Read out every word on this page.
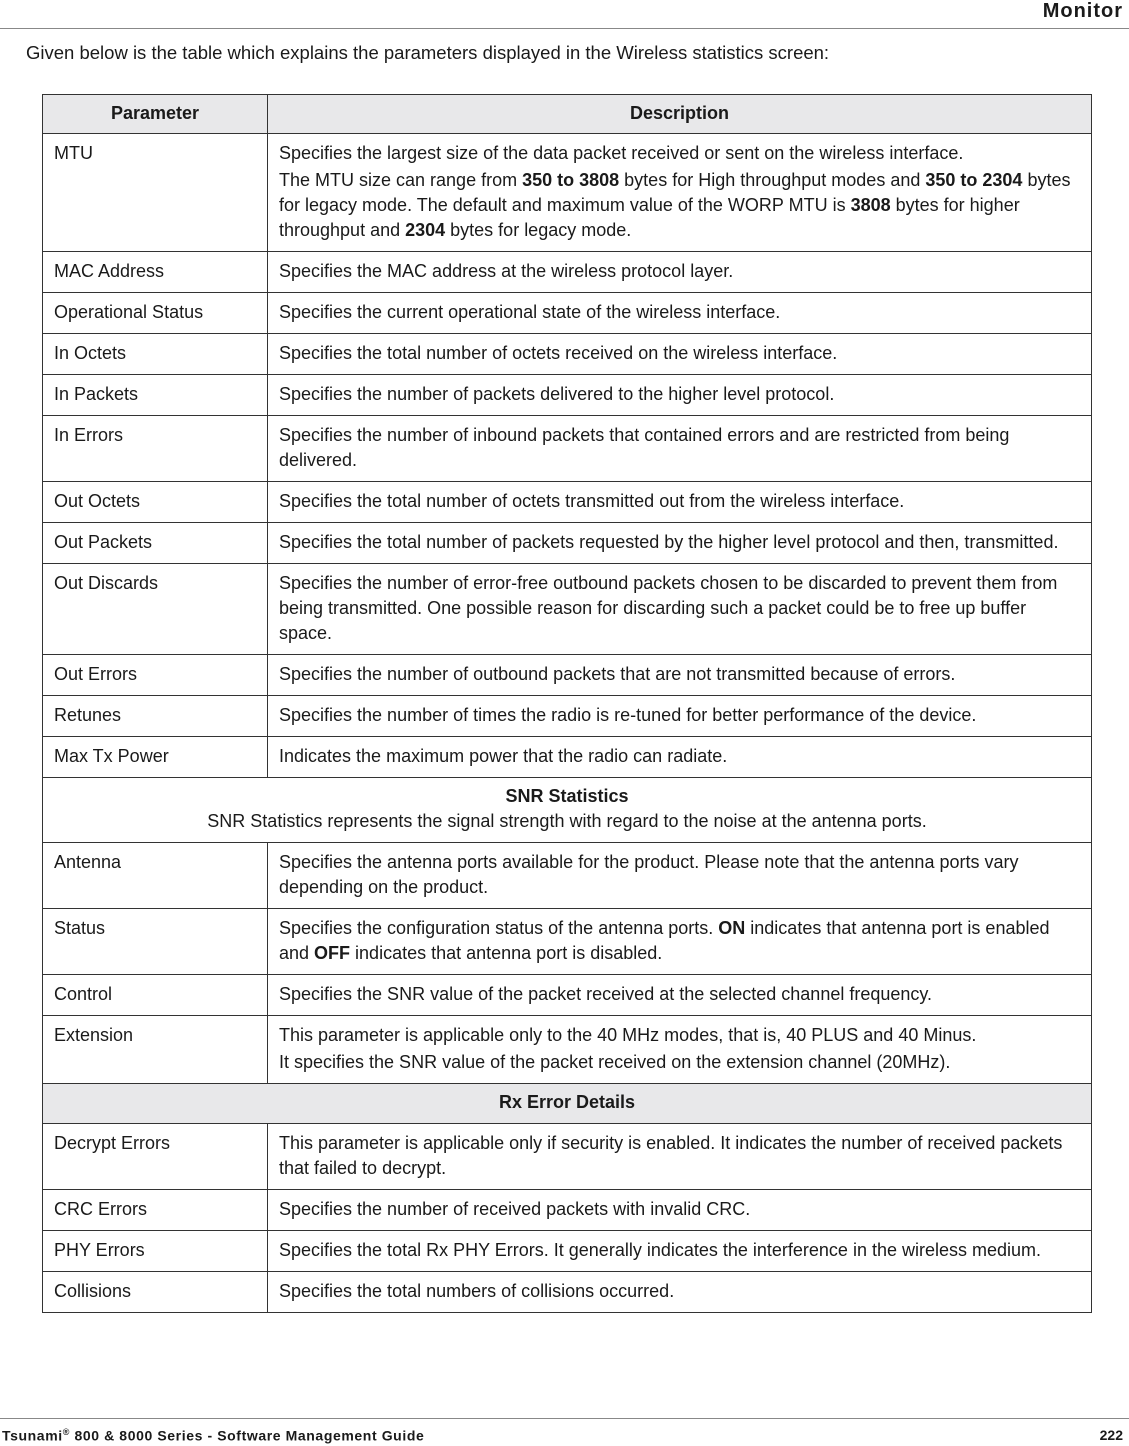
Monitor
Given below is the table which explains the parameters displayed in the Wireless statistics screen:
Parameter	Description
MTU	Specifies the largest size of the data packet received or sent on the wireless interface.
The MTU size can range from 350 to 3808 bytes for High throughput modes and 350 to 2304 bytes for legacy mode. The default and maximum value of the WORP MTU is 3808 bytes for higher throughput and 2304 bytes for legacy mode.

MAC Address	Specifies the MAC address at the wireless protocol layer.
Operational Status	Specifies the current operational state of the wireless interface.
In Octets	Specifies the total number of octets received on the wireless interface.
In Packets	Specifies the number of packets delivered to the higher level protocol.
In Errors	Specifies the number of inbound packets that contained errors and are restricted from being delivered.
Out Octets	Specifies the total number of octets transmitted out from the wireless interface.
Out Packets	Specifies the total number of packets requested by the higher level protocol and then, transmitted.
Out Discards	Specifies the number of error-free outbound packets chosen to be discarded to prevent them from being transmitted. One possible reason for discarding such a packet could be to free up buffer space.
Out Errors	Specifies the number of outbound packets that are not transmitted because of errors.
Retunes	Specifies the number of times the radio is re-tuned for better performance of the device.
Max Tx Power	Indicates the maximum power that the radio can radiate.

SNR Statistics
SNR Statistics represents the signal strength with regard to the noise at the antenna ports.	
Antenna	Specifies the antenna ports available for the product. Please note that the antenna ports vary depending on the product.
Status	Specifies the configuration status of the antenna ports. ON indicates that antenna port is enabled and OFF indicates that antenna port is disabled.
Control	Specifies the SNR value of the packet received at the selected channel frequency.
Extension	This parameter is applicable only to the 40 MHz modes, that is, 40 PLUS and 40 Minus.
It specifies the SNR value of the packet received on the extension channel (20MHz).

Rx Error Details	
Decrypt Errors	This parameter is applicable only if security is enabled. It indicates the number of received packets that failed to decrypt.
CRC Errors	Specifies the number of received packets with invalid CRC.
PHY Errors	Specifies the total Rx PHY Errors. It generally indicates the interference in the wireless medium.
Collisions	Specifies the total numbers of collisions occurred.
Tsunami® 800 & 8000 Series - Software Management Guide	222
